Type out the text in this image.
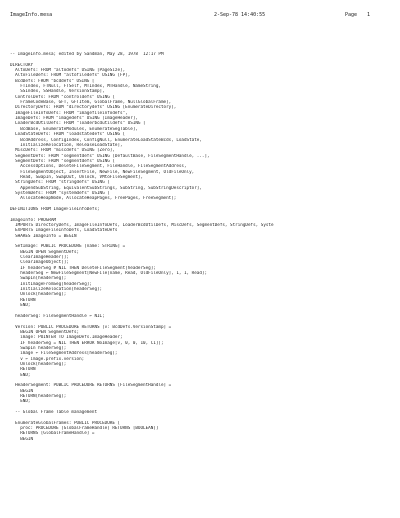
ImageInfo.mesa	2-Sep-78 14:40:55	Page 1
-- ImageInfo.mesa; edited by Sandman, May 28, 1978  12:17 PM
DIRECTORY
AltoDefs: FROM "altodefs" USING [PageSize],
AltoFileDefs: FROM "altofiledefs" USING [FP],
BcdDefs: FROM "bcddefs" USING [
FTIndex, FTNull, FTSelf, MTIndex, MTHandle, NameString,
SSIndex, SSHandle, VersionStamp],
ControlDefs: FROM "controldefs" USING [
FrameCodeBase, GFT, GFTItem, GlobalFrame, NullGlobalFrame],
DirectoryDefs: FROM "directorydefs" USING [EnumerateDirectory],
ImageFileInfoDefs: FROM "imagefileinfodefs",
ImageDefs: FROM "imagedefs" USING [ImageHeader],
LoaderBcdUtilDefs: FROM "loaderbcdutildefs" USING [
BcdBase, EnumerateModules, EnumerateSegTable],
LoadStateDefs: FROM "loadstatedefs" USING [
BcdAddress, ConfigIndex, ConfigNull, EnumerateLoadStateBcds, LoadState,
InitializeRelocation, ReleaseLoadState],
MiscDefs: FROM "miscdefs" USING [Zero],
SegmentDefs: FROM "segmentdefs" USING [DefaultBase, FileSegmentHandle, ...],
SegmentDefs: FROM "segmentdefs" USING [
AccessOptions, DeleteFileSegment, FileHandle, FileSegmentAddress,
FileSegmentObject, InsertFile, NewFile, NewFileSegment, OldFileOnly,
Read, SwapIn, SwapOut, Unlock, VMtoFileSegment],
StringDefs: FROM "stringdefs" USING [
AppendSubString, EquivalentSubStrings, SubString, SubStringDescriptor],
SystemDefs: FROM "systemdefs" USING [
AllocateHeapNode, AllocateHeapPages, FreePages, FreeSegment];
DEFINITIONS FROM ImageFileInfoDefs;
ImageInfo: PROGRAM
IMPORTS DirectoryDefs, ImageFileInfoDefs, LoaderBcdUtilDefs, MiscDefs, SegmentDefs, StringDefs, Syste
EXPORTS ImageFileInfoDefs, LoadStateDefs
SHARES ImageInfo = BEGIN
SetImage: PUBLIC PROCEDURE [name: STRING] =
BEGIN OPEN SegmentDefs;
ClearImageHeader[];
ClearImageObject[];
IF headerSeg # NIL THEN DeleteFileSegment[headerSeg];
headerSeg ← NewFileSegment[NewFile[name, Read, OldFileOnly], 1, 1, Read];
SwapIn[headerSeg];
InitImageFromSeg[headerSeg];
InitializeRelocation[headerSeg];
Unlock[headerSeg];
RETURN
END;
headerSeg: FileSegmentHandle ← NIL;
Version: PUBLIC PROCEDURE RETURNS [v: BcdDefs.VersionStamp] =
BEGIN OPEN SegmentDefs;
image: POINTER TO ImageDefs.ImageHeader;
IF headerSeg = NIL THEN ERROR NoImage[v, 0, 0, 10, C1]];
SwapIn headerSeg];
image ← FileSegmentAddress[headerSeg];
v ← image.prefix.version;
Unlock[headerSeg];
RETURN
END;
HeaderSegment: PUBLIC PROCEDURE RETURNS [FileSegmentHandle] =
BEGIN
RETURN[headerSeg];
END;
-- Global Frame Table management
EnumerateGlobalFrames: PUBLIC PROCEDURE [
proc: PROCEDURE [GlobalFrameHandle] RETURNS [BOOLEAN]]
RETURNS [GlobalFrameHandle] =
BEGIN
